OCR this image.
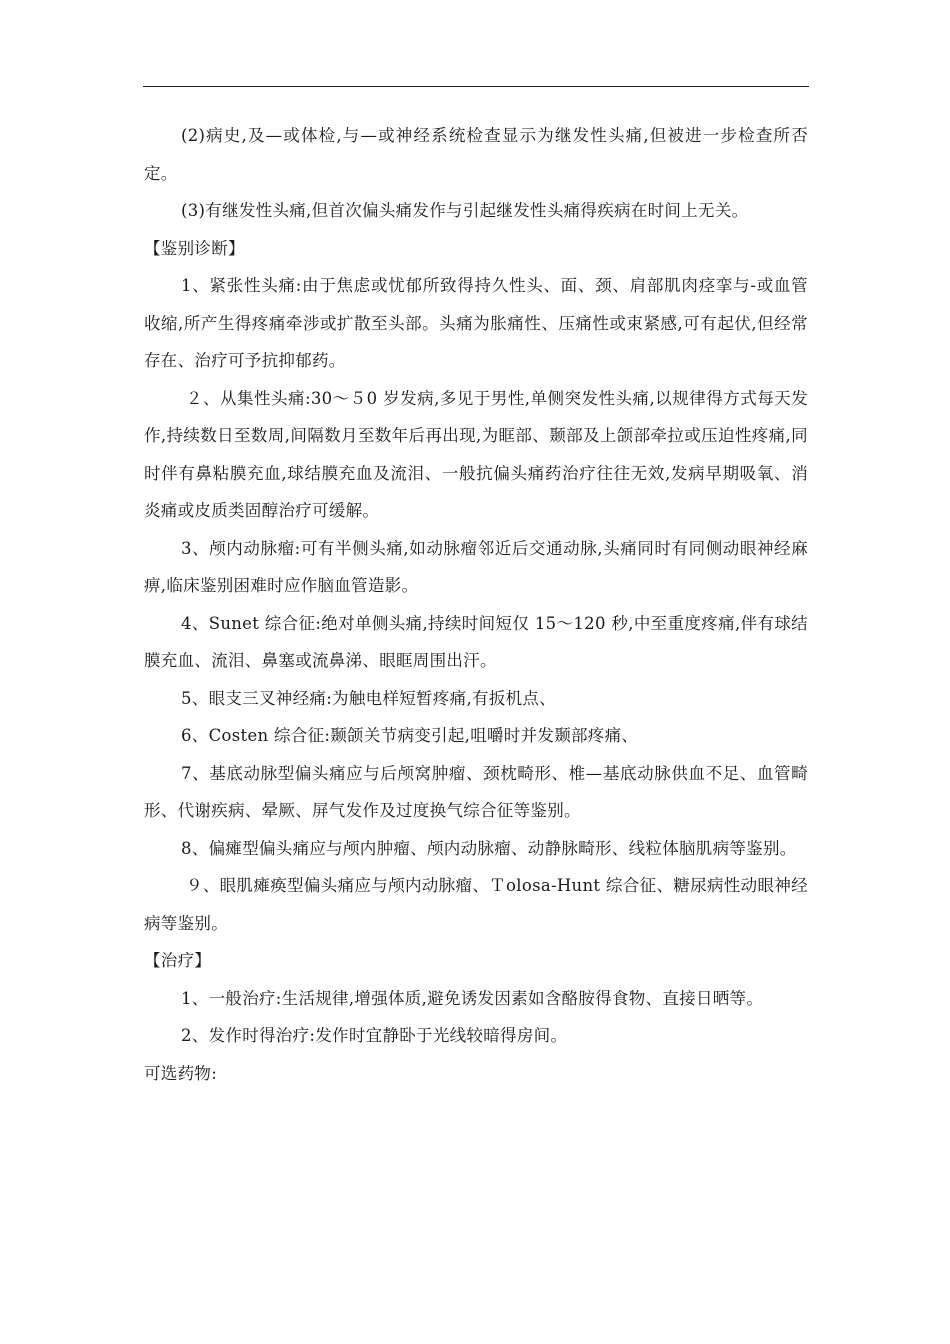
(2)病史,及—或体检,与—或神经系统检查显示为继发性头痛,但被进一步检查所否定。

(3)有继发性头痛,但首次偏头痛发作与引起继发性头痛得疾病在时间上无关。

【鉴别诊断】

1、紧张性头痛:由于焦虑或忧郁所致得持久性头、面、颈、肩部肌肉痉挛与-或血管收缩,所产生得疼痛牵涉或扩散至头部。头痛为胀痛性、压痛性或束紧感,可有起伏,但经常存在、治疗可予抗抑郁药。

２、从集性头痛:30～５0 岁发病,多见于男性,单侧突发性头痛,以规律得方式每天发作,持续数日至数周,间隔数月至数年后再出现,为眶部、颞部及上颌部牵拉或压迫性疼痛,同时伴有鼻粘膜充血,球结膜充血及流泪、一般抗偏头痛药治疗往往无效,发病早期吸氧、消炎痛或皮质类固醇治疗可缓解。

3、颅内动脉瘤:可有半侧头痛,如动脉瘤邻近后交通动脉,头痛同时有同侧动眼神经麻痹,临床鉴别困难时应作脑血管造影。

4、Sunet 综合征:绝对单侧头痛,持续时间短仅 15～120 秒,中至重度疼痛,伴有球结膜充血、流泪、鼻塞或流鼻涕、眼眶周围出汗。

5、眼支三叉神经痛:为触电样短暂疼痛,有扳机点、

6、Costen 综合征:颞颌关节病变引起,咀嚼时并发颞部疼痛、

7、基底动脉型偏头痛应与后颅窝肿瘤、颈枕畸形、椎—基底动脉供血不足、血管畸形、代谢疾病、晕厥、屏气发作及过度换气综合征等鉴别。

8、偏瘫型偏头痛应与颅内肿瘤、颅内动脉瘤、动静脉畸形、线粒体脑肌病等鉴别。

９、眼肌瘫痪型偏头痛应与颅内动脉瘤、Ｔolosa-Hunt 综合征、糖尿病性动眼神经病等鉴别。

【治疗】

1、一般治疗:生活规律,增强体质,避免诱发因素如含酪胺得食物、直接日晒等。

2、发作时得治疗:发作时宜静卧于光线较暗得房间。

可选药物:
